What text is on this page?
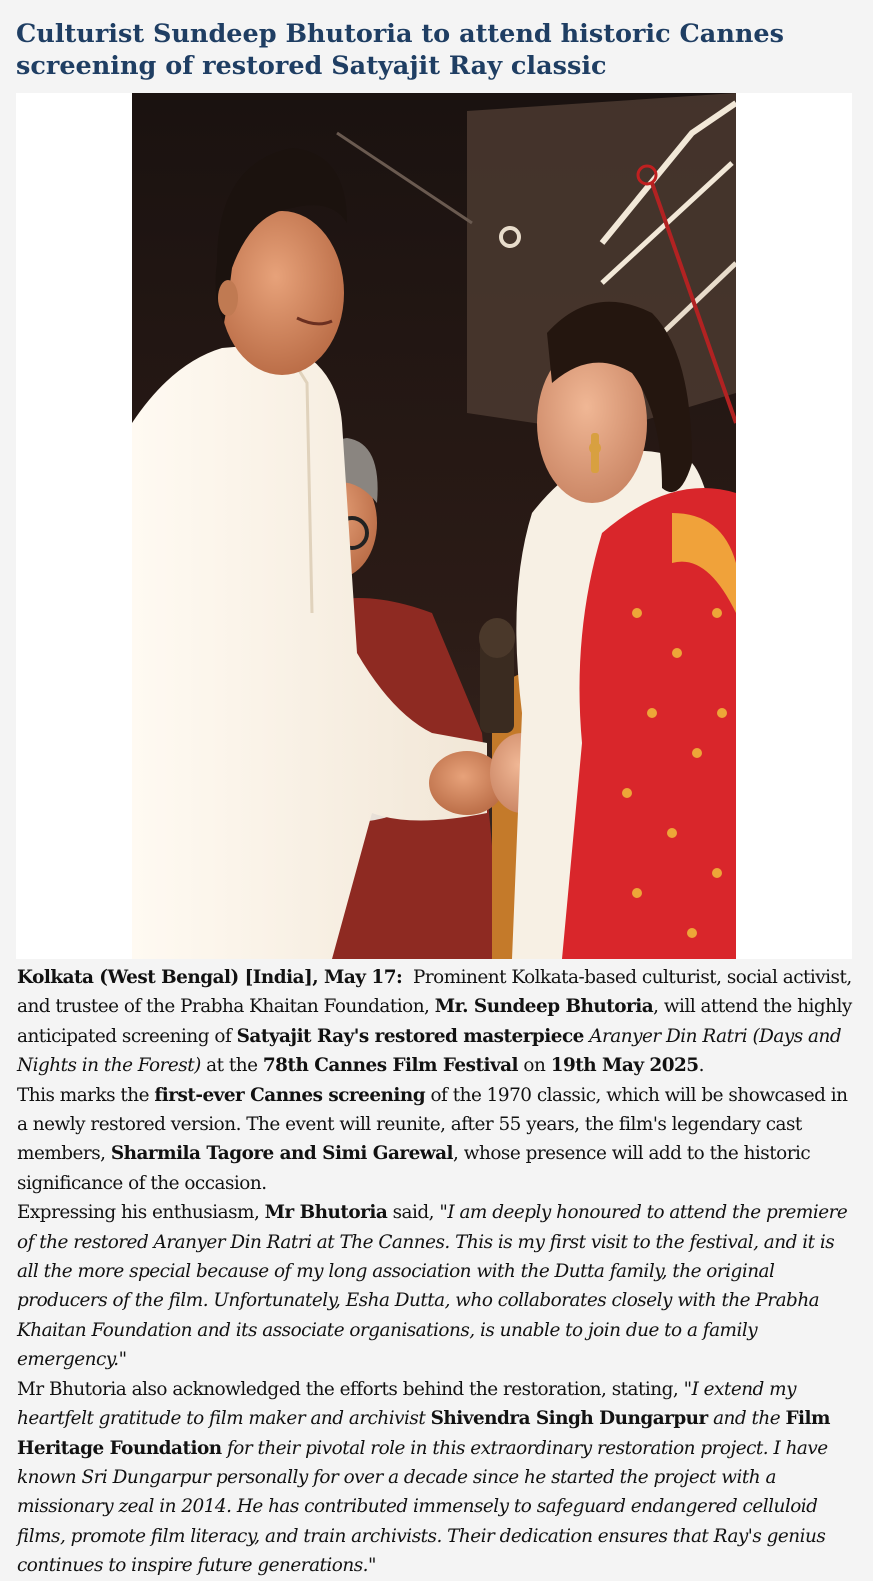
Culturist Sundeep Bhutoria to attend historic Cannes screening of restored Satyajit Ray classic

Kolkata (West Bengal) [India], May 17: Prominent Kolkata-based culturist, social activist, and trustee of the Prabha Khaitan Foundation, Mr. Sundeep Bhutoria, will attend the highly anticipated screening of Satyajit Ray's restored masterpiece Aranyer Din Ratri (Days and Nights in the Forest) at the 78th Cannes Film Festival on 19th May 2025.

This marks the first-ever Cannes screening of the 1970 classic, which will be showcased in a newly restored version. The event will reunite, after 55 years, the film's legendary cast members, Sharmila Tagore and Simi Garewal, whose presence will add to the historic significance of the occasion.

Expressing his enthusiasm, Mr Bhutoria said, "I am deeply honoured to attend the premiere of the restored Aranyer Din Ratri at The Cannes. This is my first visit to the festival, and it is all the more special because of my long association with the Dutta family, the original producers of the film. Unfortunately, Esha Dutta, who collaborates closely with the Prabha Khaitan Foundation and its associate organisations, is unable to join due to a family emergency."

Mr Bhutoria also acknowledged the efforts behind the restoration, stating, "I extend my heartfelt gratitude to film maker and archivist Shivendra Singh Dungarpur and the Film Heritage Foundation for their pivotal role in this extraordinary restoration project. I have known Sri Dungarpur personally for over a decade since he started the project with a missionary zeal in 2014. He has contributed immensely to safeguard endangered celluloid films, promote film literacy, and train archivists. Their dedication ensures that Ray's genius continues to inspire future generations."
